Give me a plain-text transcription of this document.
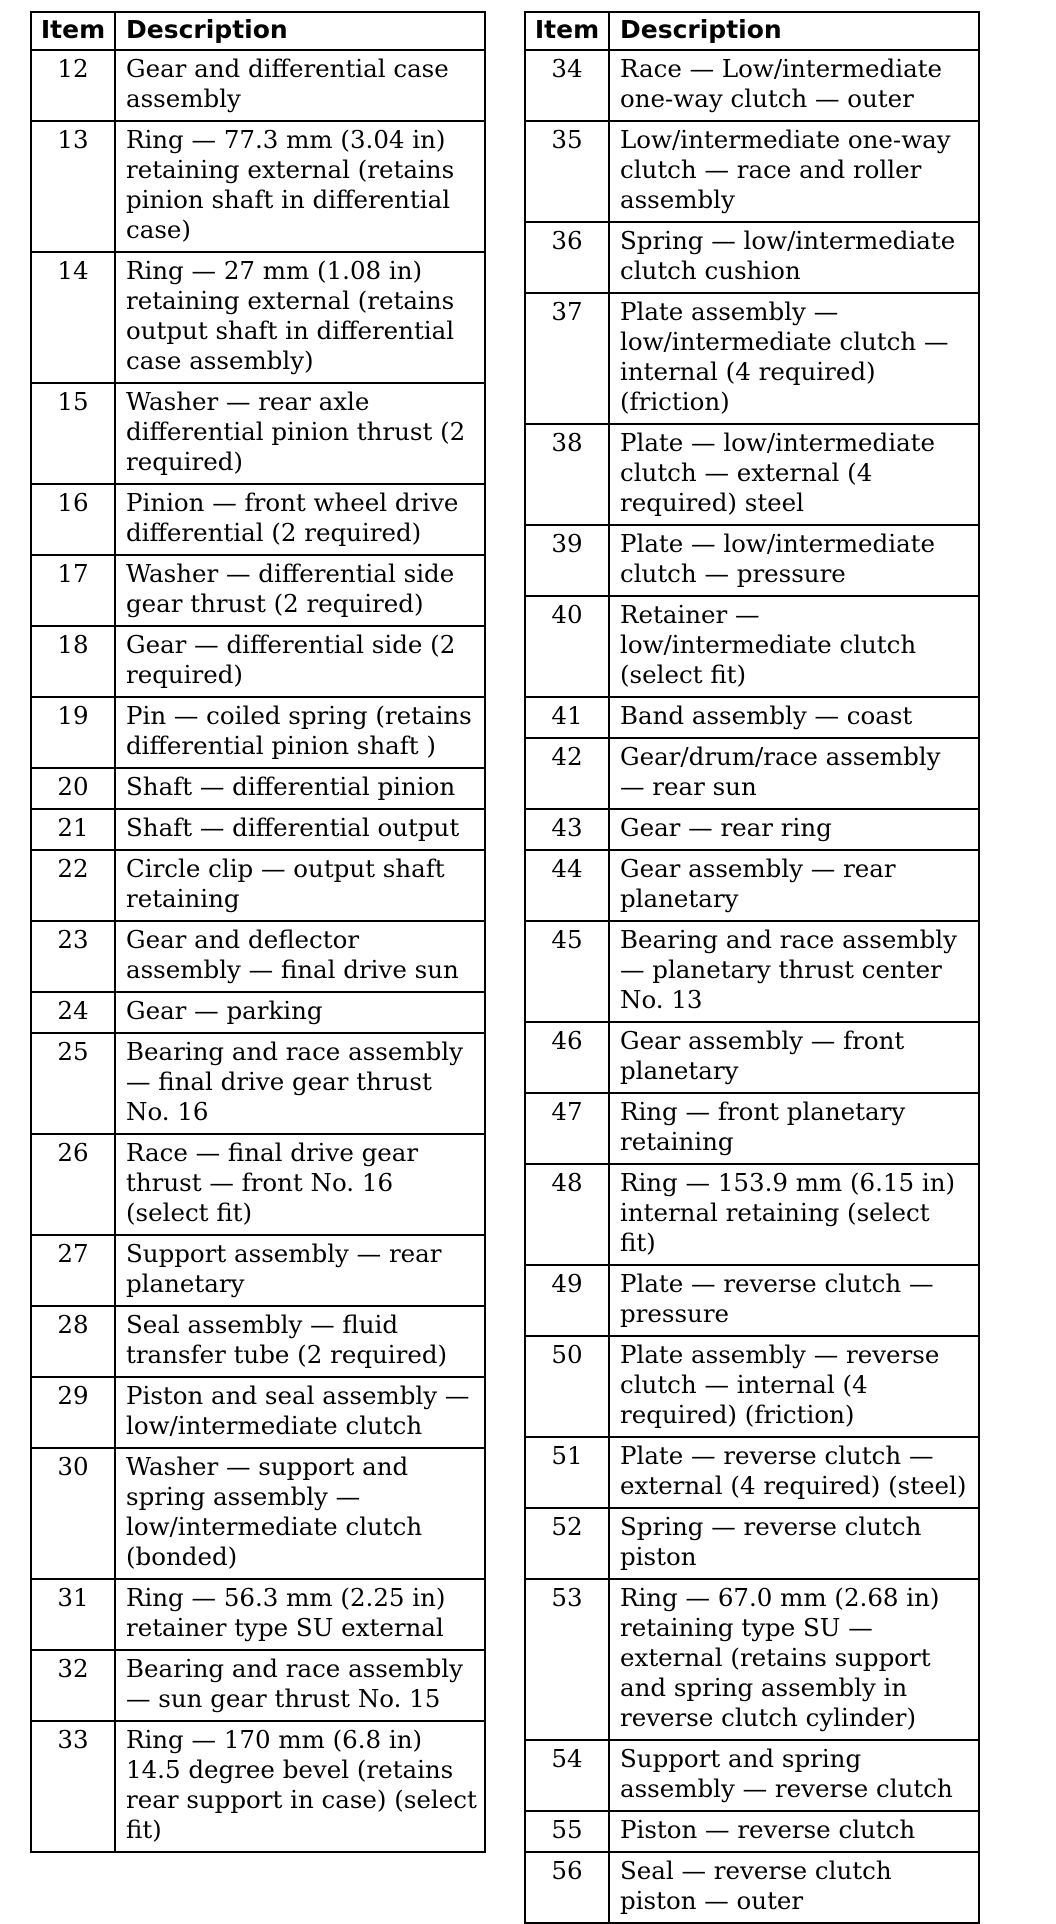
Item	Description
12	Gear and differential case assembly
13	Ring — 77.3 mm (3.04 in) retaining external (retains pinion shaft in differential case)
14	Ring — 27 mm (1.08 in) retaining external (retains output shaft in differential case assembly)
15	Washer — rear axle differential pinion thrust (2 required)
16	Pinion — front wheel drive differential (2 required)
17	Washer — differential side gear thrust (2 required)
18	Gear — differential side (2 required)
19	Pin — coiled spring (retains differential pinion shaft )
20	Shaft — differential pinion
21	Shaft — differential output
22	Circle clip — output shaft retaining
23	Gear and deflector assembly — final drive sun
24	Gear — parking
25	Bearing and race assembly — final drive gear thrust No. 16
26	Race — final drive gear thrust — front No. 16 (select fit)
27	Support assembly — rear planetary
28	Seal assembly — fluid transfer tube (2 required)
29	Piston and seal assembly — low/intermediate clutch
30	Washer — support and spring assembly — low/intermediate clutch (bonded)
31	Ring — 56.3 mm (2.25 in) retainer type SU external
32	Bearing and race assembly — sun gear thrust No. 15
33	Ring — 170 mm (6.8 in) 14.5 degree bevel (retains rear support in case) (select fit)
Item	Description
34	Race — Low/intermediate one-way clutch — outer
35	Low/intermediate one-way clutch — race and roller assembly
36	Spring — low/intermediate clutch cushion
37	Plate assembly — low/intermediate clutch — internal (4 required) (friction)
38	Plate — low/intermediate clutch — external (4 required) steel
39	Plate — low/intermediate clutch — pressure
40	Retainer — low/intermediate clutch (select fit)
41	Band assembly — coast
42	Gear/drum/race assembly — rear sun
43	Gear — rear ring
44	Gear assembly — rear planetary
45	Bearing and race assembly — planetary thrust center No. 13
46	Gear assembly — front planetary
47	Ring — front planetary retaining
48	Ring — 153.9 mm (6.15 in) internal retaining (select fit)
49	Plate — reverse clutch — pressure
50	Plate assembly — reverse clutch — internal (4 required) (friction)
51	Plate — reverse clutch — external (4 required) (steel)
52	Spring — reverse clutch piston
53	Ring — 67.0 mm (2.68 in) retaining type SU — external (retains support and spring assembly in reverse clutch cylinder)
54	Support and spring assembly — reverse clutch
55	Piston — reverse clutch
56	Seal — reverse clutch piston — outer
